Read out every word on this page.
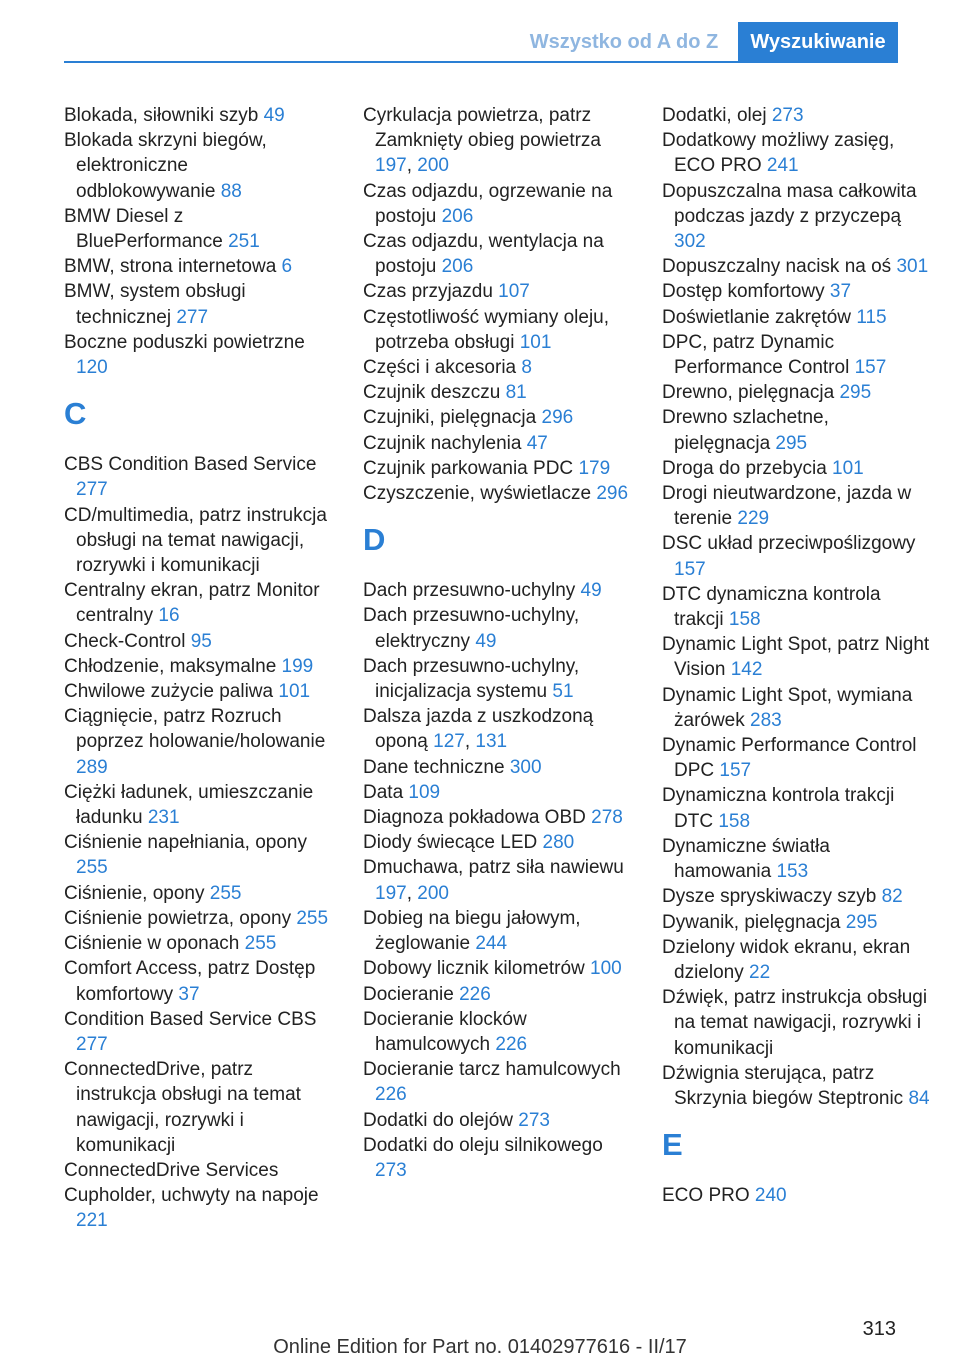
Wszystko od A do Z	Wyszukiwanie

Blokada, siłowniki szyb 49

Blokada skrzyni biegów, elektroniczne odblokowywanie 88

BMW Diesel z BluePerformance 251

BMW, strona internetowa 6

BMW, system obsługi technicznej 277

Boczne poduszki powietrzne 120

C

CBS Condition Based Service 277

CD/multimedia, patrz instrukcja obsługi na temat nawigacji, rozrywki i komunikacji

Centralny ekran, patrz Monitor centralny 16

Check-Control 95

Chłodzenie, maksymalne 199

Chwilowe zużycie paliwa 101

Ciągnięcie, patrz Rozruch poprzez holowanie/holowanie 289

Ciężki ładunek, umieszczanie ładunku 231

Ciśnienie napełniania, opony 255

Ciśnienie, opony 255

Ciśnienie powietrza, opony 255

Ciśnienie w oponach 255

Comfort Access, patrz Dostęp komfortowy 37

Condition Based Service CBS 277

ConnectedDrive, patrz instrukcja obsługi na temat nawigacji, rozrywki i komunikacji

ConnectedDrive Services

Cupholder, uchwyty na napoje 221

Cyrkulacja powietrza, patrz Zamknięty obieg powietrza 197, 200

Czas odjazdu, ogrzewanie na postoju 206

Czas odjazdu, wentylacja na postoju 206

Czas przyjazdu 107

Częstotliwość wymiany oleju, potrzeba obsługi 101

Części i akcesoria 8

Czujnik deszczu 81

Czujniki, pielęgnacja 296

Czujnik nachylenia 47

Czujnik parkowania PDC 179

Czyszczenie, wyświetlacze 296

D

Dach przesuwno-uchylny 49

Dach przesuwno-uchylny, elektryczny 49

Dach przesuwno-uchylny, inicjalizacja systemu 51

Dalsza jazda z uszkodzoną oponą 127, 131

Dane techniczne 300

Data 109

Diagnoza pokładowa OBD 278

Diody świecące LED 280

Dmuchawa, patrz siła nawiewu 197, 200

Dobieg na biegu jałowym, żeglowanie 244

Dobowy licznik kilometrów 100

Docieranie 226

Docieranie klocków hamulcowych 226

Docieranie tarcz hamulcowych 226

Dodatki do olejów 273

Dodatki do oleju silnikowego 273

Dodatki, olej 273

Dodatkowy możliwy zasięg, ECO PRO 241

Dopuszczalna masa całkowita podczas jazdy z przyczepą 302

Dopuszczalny nacisk na oś 301

Dostęp komfortowy 37

Doświetlanie zakrętów 115

DPC, patrz Dynamic Performance Control 157

Drewno, pielęgnacja 295

Drewno szlachetne, pielęgnacja 295

Droga do przebycia 101

Drogi nieutwardzone, jazda w terenie 229

DSC układ przeciwpoślizgowy 157

DTC dynamiczna kontrola trakcji 158

Dynamic Light Spot, patrz Night Vision 142

Dynamic Light Spot, wymiana żarówek 283

Dynamic Performance Control DPC 157

Dynamiczna kontrola trakcji DTC 158

Dynamiczne światła hamowania 153

Dysze spryskiwaczy szyb 82

Dywanik, pielęgnacja 295

Dzielony widok ekranu, ekran dzielony 22

Dźwięk, patrz instrukcja obsługi na temat nawigacji, rozrywki i komunikacji

Dźwignia sterująca, patrz Skrzynia biegów Steptronic 84

E

ECO PRO 240

313
Online Edition for Part no. 01402977616 - II/17
